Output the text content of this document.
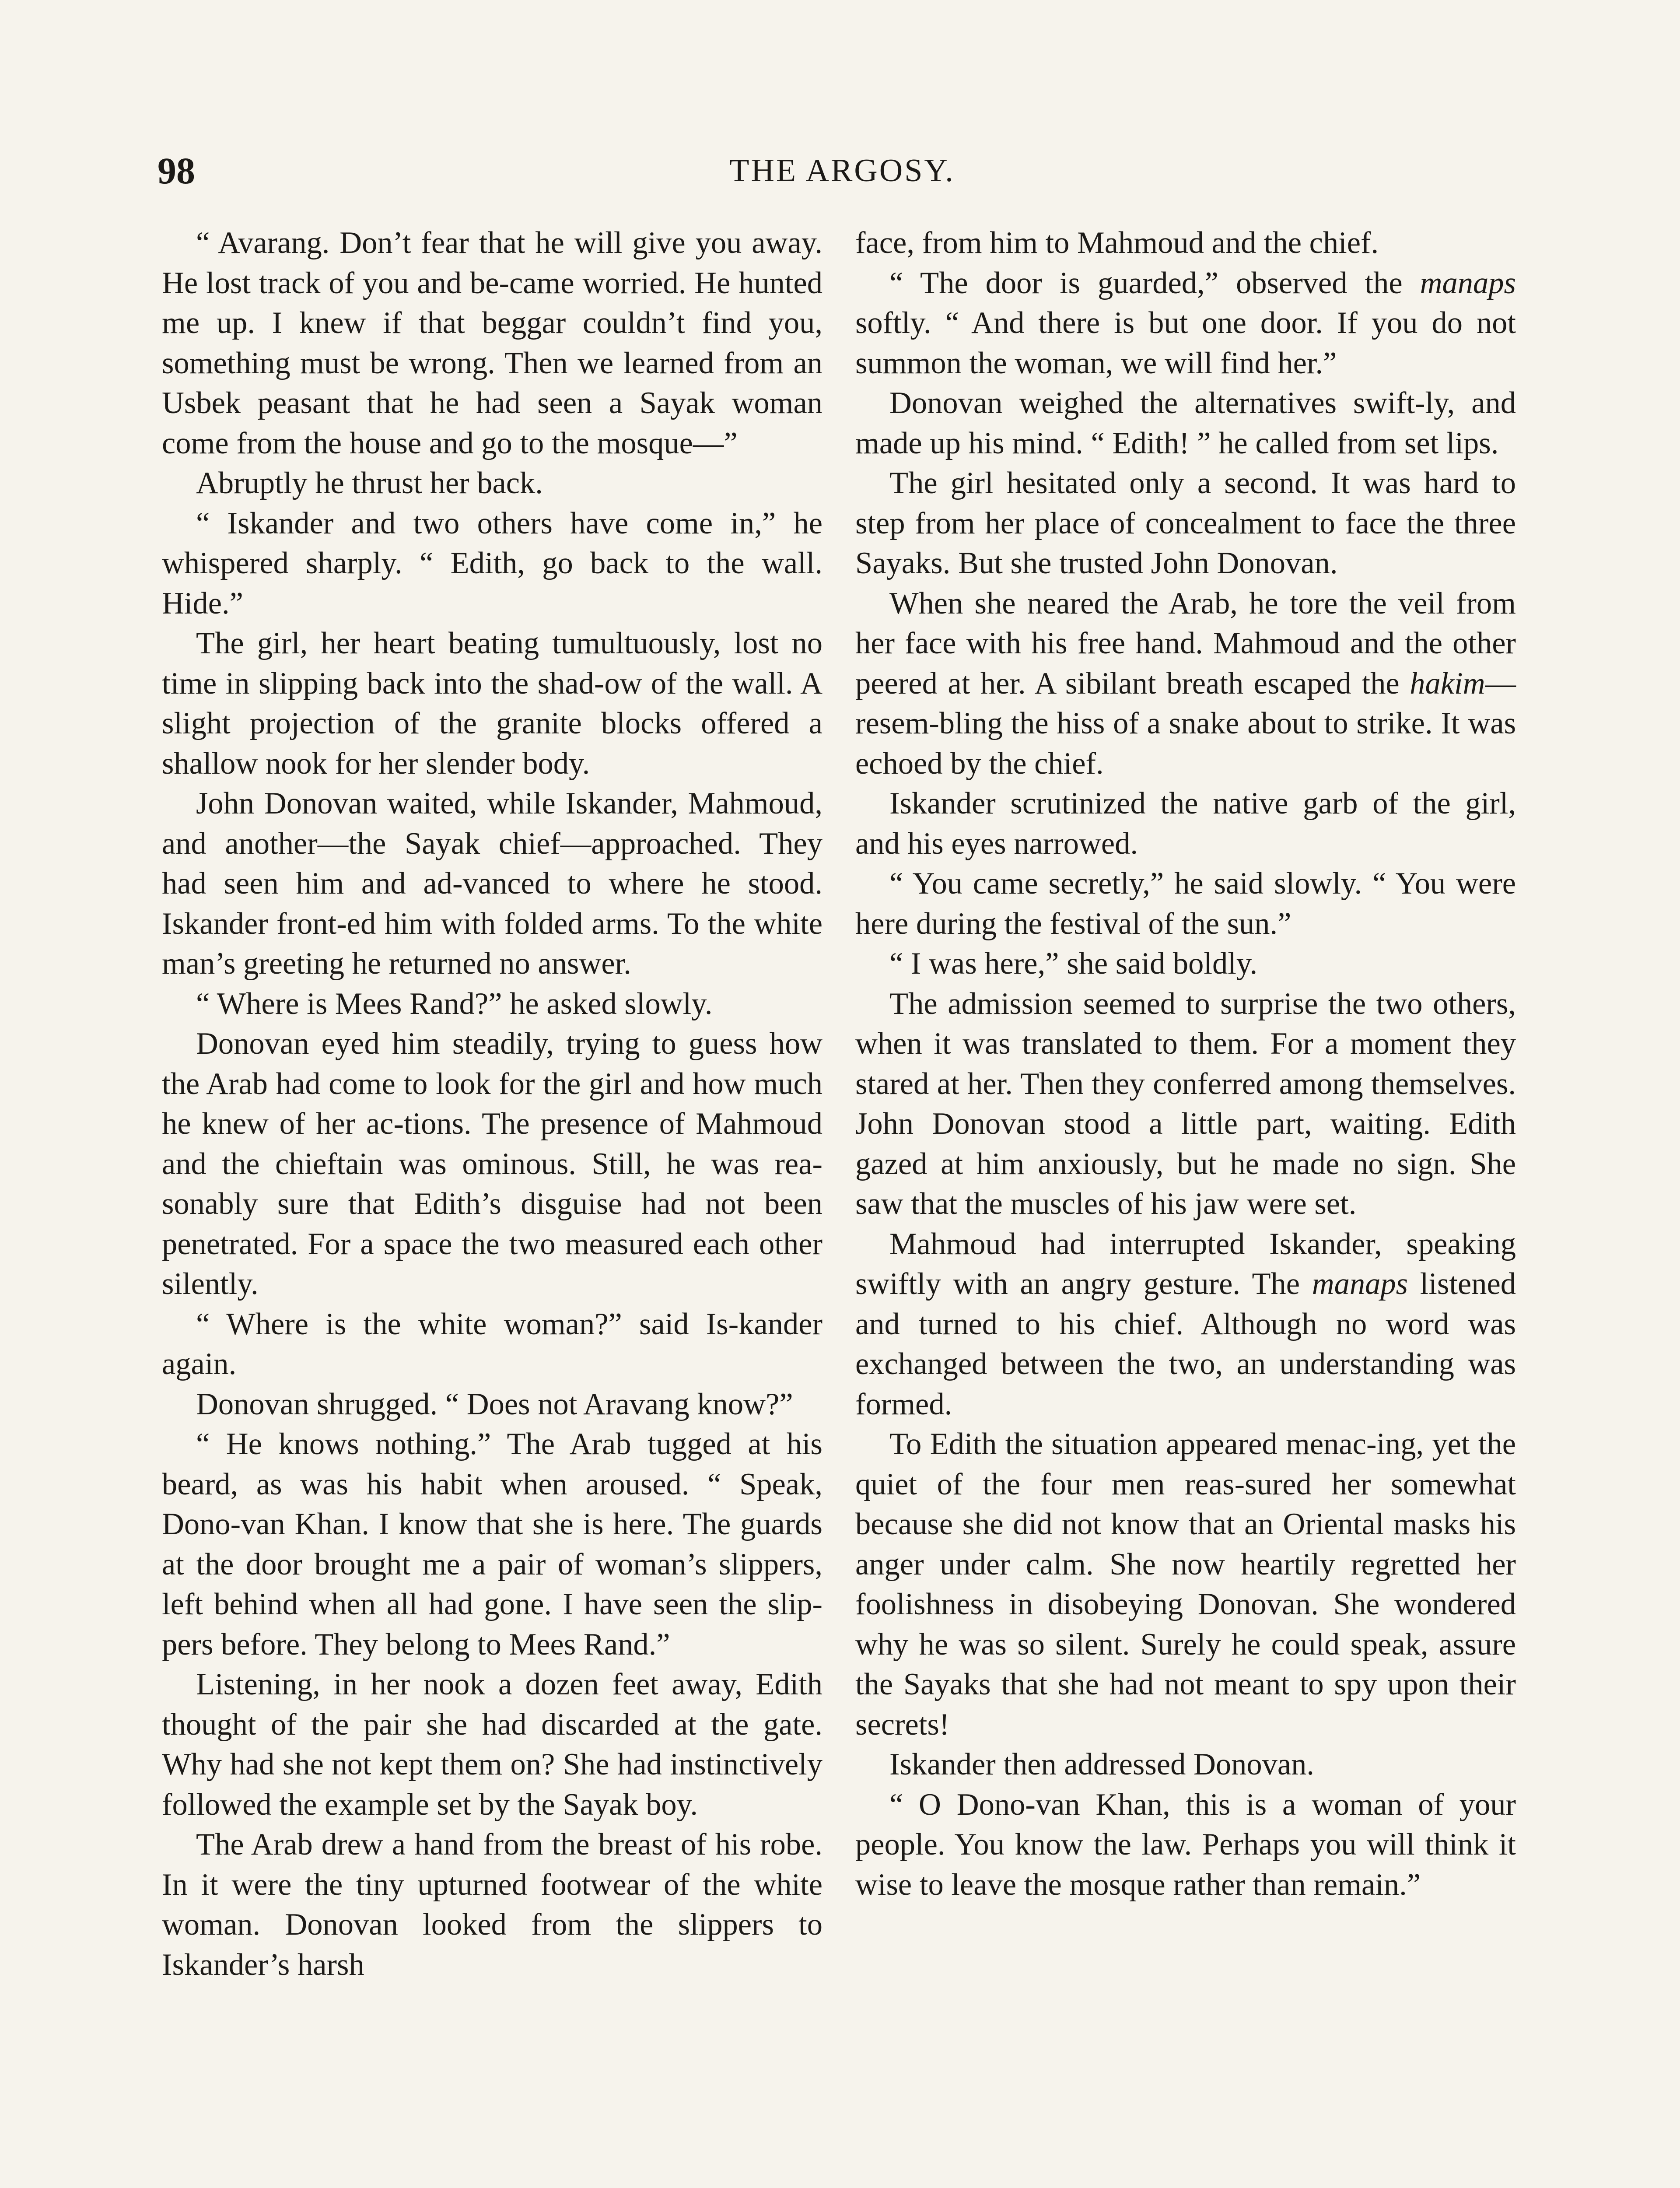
98	THE ARGOSY.

“ Avarang. Don’t fear that he will give you away. He lost track of you and be-came worried. He hunted me up. I knew if that beggar couldn’t find you, something must be wrong. Then we learned from an Usbek peasant that he had seen a Sayak woman come from the house and go to the mosque—”

Abruptly he thrust her back.

“ Iskander and two others have come in,” he whispered sharply. “ Edith, go back to the wall. Hide.”

The girl, her heart beating tumultuously, lost no time in slipping back into the shad-ow of the wall. A slight projection of the granite blocks offered a shallow nook for her slender body.

John Donovan waited, while Iskander, Mahmoud, and another—the Sayak chief—approached. They had seen him and ad-vanced to where he stood. Iskander front-ed him with folded arms. To the white man’s greeting he returned no answer.

“ Where is Mees Rand?” he asked slowly.

Donovan eyed him steadily, trying to guess how the Arab had come to look for the girl and how much he knew of her ac-tions. The presence of Mahmoud and the chieftain was ominous. Still, he was rea-sonably sure that Edith’s disguise had not been penetrated. For a space the two measured each other silently.

“ Where is the white woman?” said Is-kander again.

Donovan shrugged. “ Does not Aravang know?”

“ He knows nothing.” The Arab tugged at his beard, as was his habit when aroused. “ Speak, Dono-van Khan. I know that she is here. The guards at the door brought me a pair of woman’s slippers, left behind when all had gone. I have seen the slip-pers before. They belong to Mees Rand.”

Listening, in her nook a dozen feet away, Edith thought of the pair she had discarded at the gate. Why had she not kept them on? She had instinctively followed the example set by the Sayak boy.

The Arab drew a hand from the breast of his robe. In it were the tiny upturned footwear of the white woman. Donovan looked from the slippers to Iskander’s harsh

face, from him to Mahmoud and the chief.

“ The door is guarded,” observed the manaps softly. “ And there is but one door. If you do not summon the woman, we will find her.”

Donovan weighed the alternatives swift-ly, and made up his mind. “ Edith! ” he called from set lips.

The girl hesitated only a second. It was hard to step from her place of concealment to face the three Sayaks. But she trusted John Donovan.

When she neared the Arab, he tore the veil from her face with his free hand. Mahmoud and the other peered at her. A sibilant breath escaped the hakim—resem-bling the hiss of a snake about to strike. It was echoed by the chief.

Iskander scrutinized the native garb of the girl, and his eyes narrowed.

“ You came secretly,” he said slowly. “ You were here during the festival of the sun.”

“ I was here,” she said boldly.

The admission seemed to surprise the two others, when it was translated to them. For a moment they stared at her. Then they conferred among themselves. John Donovan stood a little part, waiting. Edith gazed at him anxiously, but he made no sign. She saw that the muscles of his jaw were set.

Mahmoud had interrupted Iskander, speaking swiftly with an angry gesture. The manaps listened and turned to his chief. Although no word was exchanged between the two, an understanding was formed.

To Edith the situation appeared menac-ing, yet the quiet of the four men reas-sured her somewhat because she did not know that an Oriental masks his anger under calm. She now heartily regretted her foolishness in disobeying Donovan. She wondered why he was so silent. Surely he could speak, assure the Sayaks that she had not meant to spy upon their secrets!

Iskander then addressed Donovan.

“ O Dono-van Khan, this is a woman of your people. You know the law. Perhaps you will think it wise to leave the mosque rather than remain.”
